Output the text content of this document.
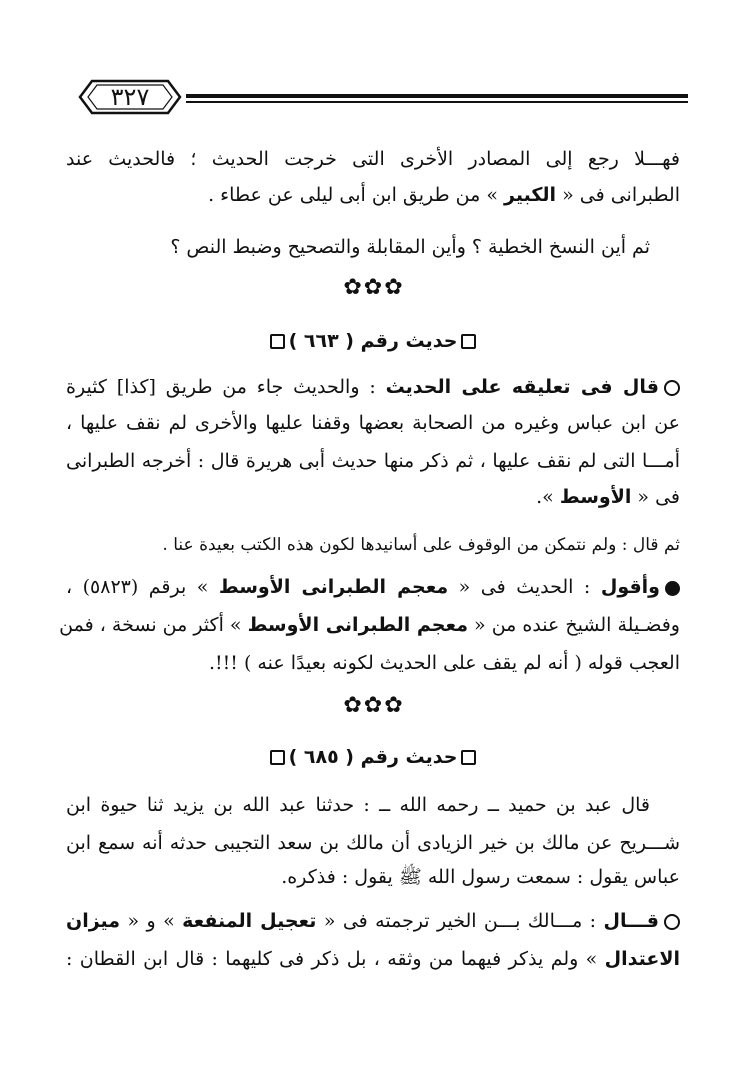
٣٢٧
فهـــلا رجع إلى المصادر الأخرى التى خرجت الحديث ؛ فالحديث عند
الطبرانى فى « الكبير » من طريق ابن أبى ليلى عن عطاء .
ثم أين النسخ الخطية ؟ وأين المقابلة والتصحيح وضبط النص ؟
✿✿✿
حديث رقم ( ٦٦٣ )
قال فى تعليقه على الحديث : والحديث جاء من طريق [كذا] كثيرة
عن ابن عباس وغيره من الصحابة بعضها وقفنا عليها والأخرى لم نقف عليها ،
أمـــا التى لم نقف عليها ، ثم ذكر منها حديث أبى هريرة قال : أخرجه الطبرانى
فى « الأوسط ».
ثم قال : ولم نتمكن من الوقوف على أسانيدها لكون هذه الكتب بعيدة عنا .
وأقول : الحديث فى « معجم الطبرانى الأوسط » برقم (٥٨٢٣) ،
وفضـيلة الشيخ عنده من « معجم الطبرانى الأوسط » أكثر من نسخة ، فمن
العجب قوله ( أنه لم يقف على الحديث لكونه بعيدًا عنه ) !!!.
✿✿✿
حديث رقم ( ٦٨٥ )
قال عبد بن حميد ــ رحمه الله ــ : حدثنا عبد الله بن يزيد ثنا حيوة ابن
شـــريح عن مالك بن خير الزيادى أن مالك بن سعد التجيبى حدثه أنه سمع ابن
عباس يقول : سمعت رسول الله ﷺ يقول : فذكره.
قـــال : مـــالك بـــن الخير ترجمته فى « تعجيل المنفعة » و « ميزان
الاعتدال » ولم يذكر فيهما من وثقه ، بل ذكر فى كليهما : قال ابن القطان :
